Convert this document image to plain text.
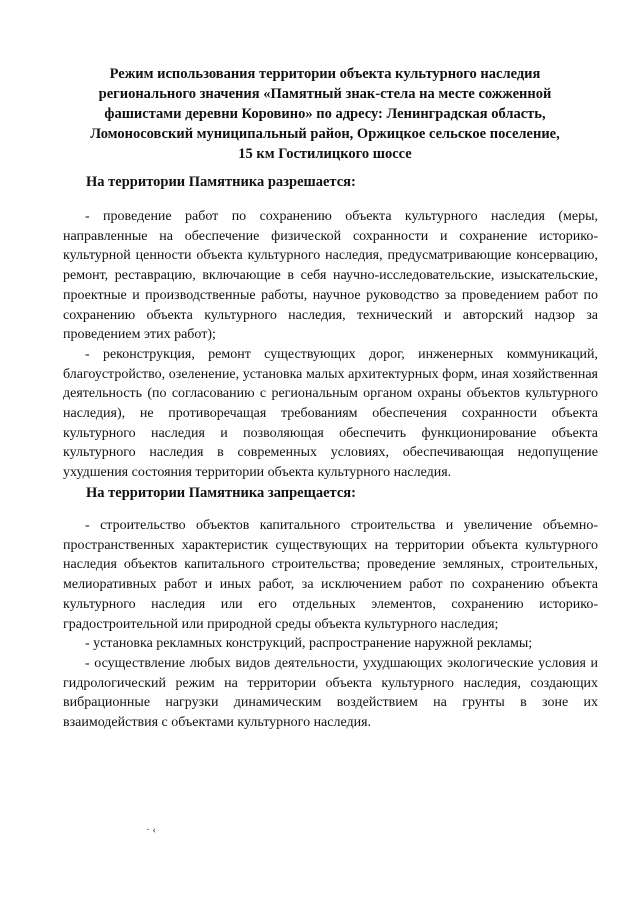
Режим использования территории объекта культурного наследия
регионального значения «Памятный знак-стела на месте сожженной
фашистами деревни Коровино» по адресу: Ленинградская область,
Ломоносовский муниципальный район, Оржицкое сельское поселение,
15 км Гостилицкого шоссе
На территории Памятника разрешается:

- проведение работ по сохранению объекта культурного наследия (меры, направленные на обеспечение физической сохранности и сохранение историко-культурной ценности объекта культурного наследия, предусматривающие консервацию, ремонт, реставрацию, включающие в себя научно-исследовательские, изыскательские, проектные и производственные работы, научное руководство за проведением работ по сохранению объекта культурного наследия, технический и авторский надзор за проведением этих работ);

- реконструкция, ремонт существующих дорог, инженерных коммуникаций, благоустройство, озеленение, установка малых архитектурных форм, иная хозяйственная деятельность (по согласованию с региональным органом охраны объектов культурного наследия), не противоречащая требованиям обеспечения сохранности объекта культурного наследия и позволяющая обеспечить функционирование объекта культурного наследия в современных условиях, обеспечивающая недопущение ухудшения состояния территории объекта культурного наследия.

На территории Памятника запрещается:

- строительство объектов капитального строительства и увеличение объемно-пространственных характеристик существующих на территории объекта культурного наследия объектов капитального строительства; проведение земляных, строительных, мелиоративных работ и иных работ, за исключением работ по сохранению объекта культурного наследия или его отдельных элементов, сохранению историко-градостроительной или природной среды объекта культурного наследия;

- установка рекламных конструкций, распространение наружной рекламы;

- осуществление любых видов деятельности, ухудшающих экологические условия и гидрологический режим на территории объекта культурного наследия, создающих вибрационные нагрузки динамическим воздействием на грунты в зоне их взаимодействия с объектами культурного наследия.

· ‹
